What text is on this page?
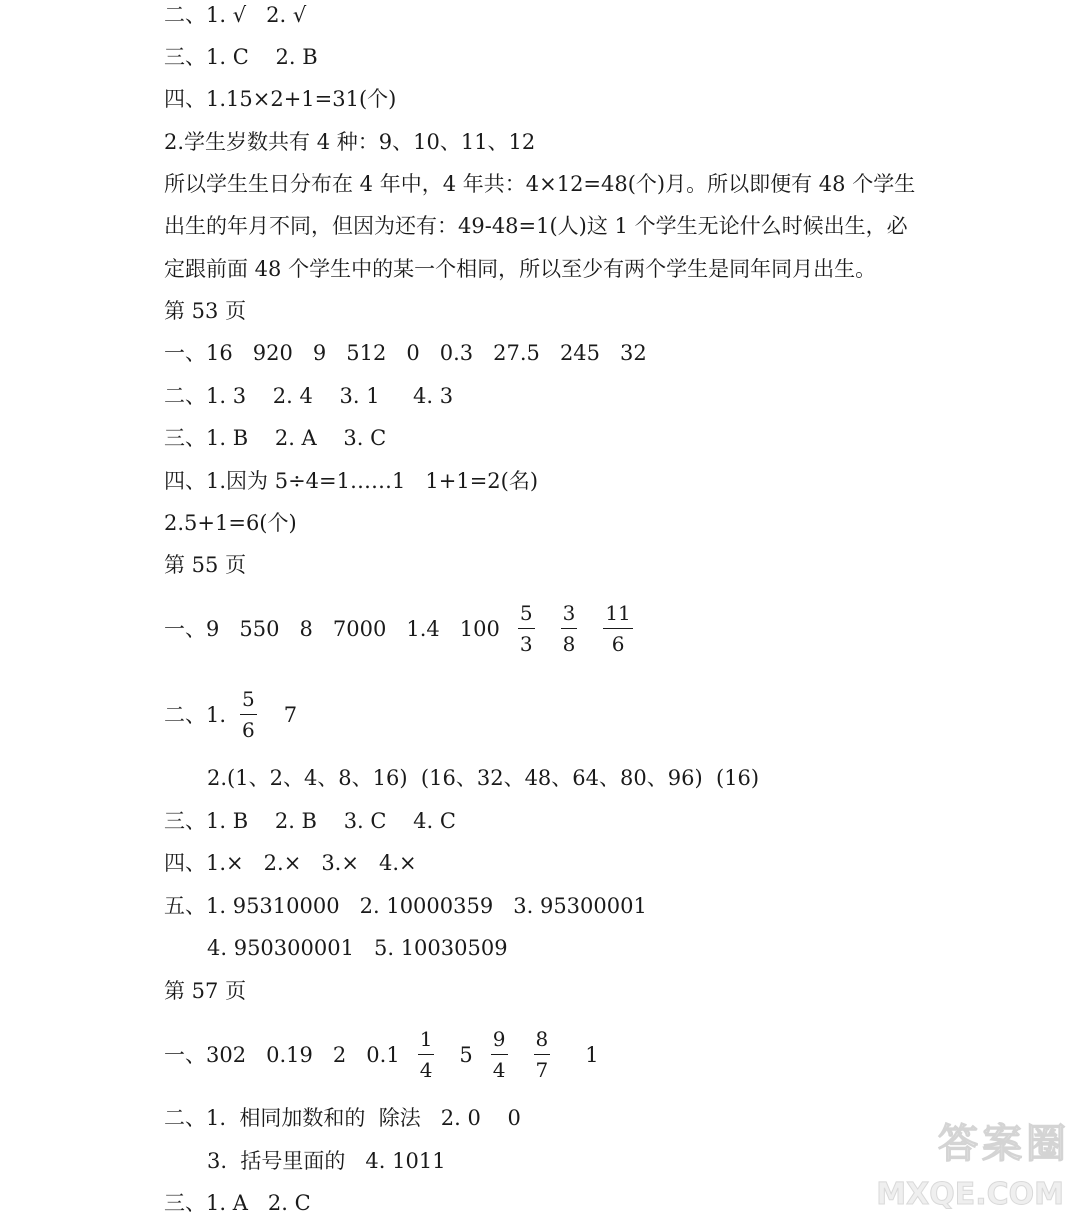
二、1. √   2. √
三、1. C    2. B
四、1.15×2+1=31(个)
2.学生岁数共有 4 种：9、10、11、12
所以学生生日分布在 4 年中，4 年共：4×12=48(个)月。所以即便有 48 个学生
出生的年月不同，但因为还有：49-48=1(人)这 1 个学生无论什么时候出生，必
定跟前面 48 个学生中的某一个相同，所以至少有两个学生是同年同月出生。
第 53 页
一、16   920   9   512   0   0.3   27.5   245   32
二、1. 3    2. 4    3. 1     4. 3
三、1. B    2. A    3. C
四、1.因为 5÷4=1……1   1+1=2(名)
2.5+1=6(个)
第 55 页
一、9   550   8   7000   1.4   $100 \frac{5}{3} \frac{3}{8} \frac{11}{6}$
二、1. $\frac{5}{6} 7$
2.(1、2、4、8、16)  (16、32、48、64、80、96)  (16)
三、1. B    2. B    3. C    4. C
四、1.×   2.×   3.×   4.×
五、1. 95310000   2. 10000359   3. 95300001
4. 950300001   5. 10030509
第 57 页
一、302   0.19   2   $0.1 \frac{1}{4} 5 \frac{9}{4} \frac{8}{7} 1$
二、1.  相同加数和的  除法   2. 0    0
3.  括号里面的   4. 1011
三、1. A   2. C
答案圈
MXQE.COM
